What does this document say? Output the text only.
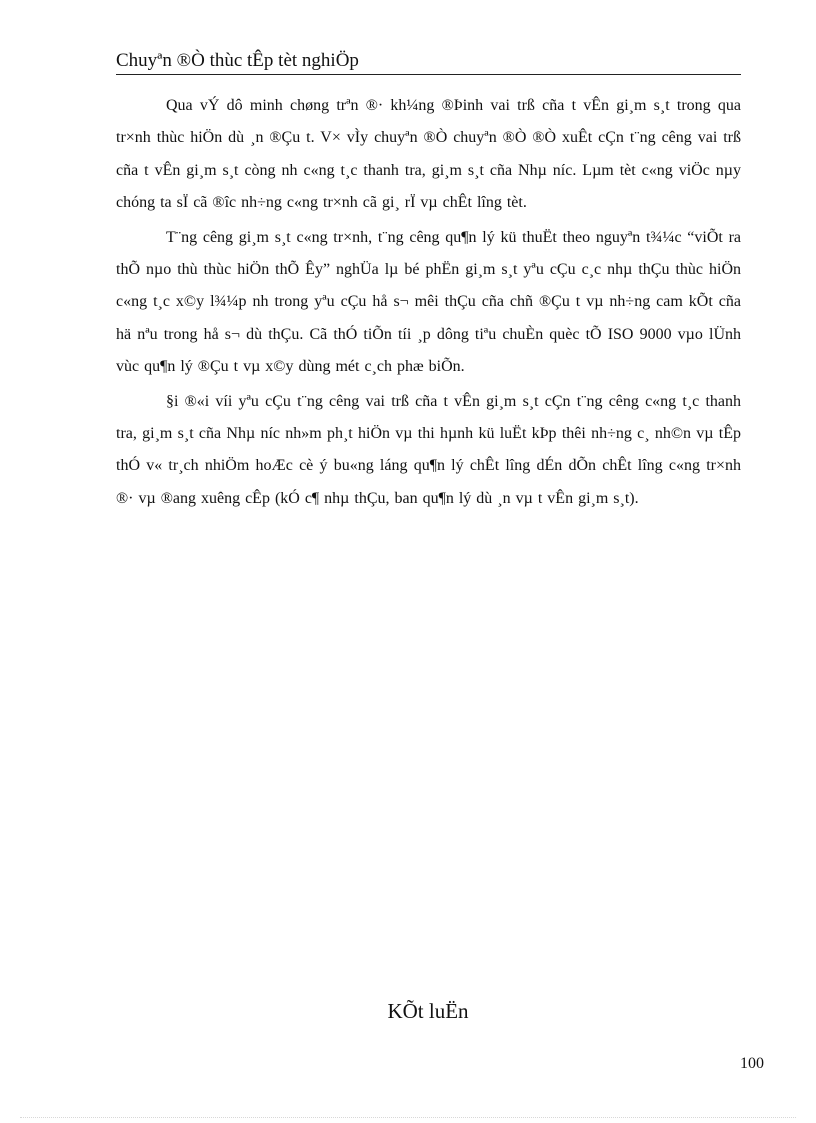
Chuyªn ®Ò thùc tÊp tèt nghiÖp

Qua vÝ dô minh chøng trªn ®· kh¼ng ®Þinh vai trß cña t vÊn gi¸m s¸t trong qua tr×nh thùc hiÖn dù ¸n ®Çu t. V× vÌy chuyªn ®Ò chuyªn ®Ò ®Ò xuÊt cÇn t¨ng cêng vai trß cña t vÊn gi¸m s¸t còng nh c«ng t¸c thanh tra, gi¸m s¸t cña Nhµ níc. Lµm tèt c«ng viÖc nµy chóng ta sÏ cã ®îc nh÷ng c«ng tr×nh cã gi¸ rÏ vµ chÊt lîng tèt.

T¨ng cêng gi¸m s¸t c«ng tr×nh, t¨ng cêng qu¶n lý kü thuËt theo nguyªn t¾¼c “viÕt ra thÕ nµo thù thùc hiÖn thÕ Êy” nghÜa lµ bé phËn gi¸m s¸t yªu cÇu c¸c nhµ thÇu thùc hiÖn c«ng t¸c x©y l¾¼p nh trong yªu cÇu hå s¬ mêi thÇu cña chñ ®Çu t vµ nh÷ng cam kÕt cña hä nªu trong hå s¬ dù thÇu. Cã thÓ tiÕn tíi ¸p dông tiªu chuÈn quèc tÕ ISO 9000 vµo lÜnh vùc qu¶n lý ®Çu t vµ x©y dùng mét c¸ch phæ biÕn.

§i ®«i víi yªu cÇu t¨ng cêng vai trß cña t vÊn gi¸m s¸t cÇn t¨ng cêng c«ng t¸c thanh tra, gi¸m s¸t cña Nhµ níc nh»m ph¸t hiÖn vµ thi hµnh kü luËt kÞp thêi nh÷ng c¸ nh©n vµ tÊp thÓ v« tr¸ch nhiÖm hoÆc cè ý bu«ng láng qu¶n lý chÊt lîng dÉn dÕn chÊt lîng c«ng tr×nh ®· vµ ®ang xuêng cÊp (kÓ c¶ nhµ thÇu, ban qu¶n lý dù ¸n vµ t vÊn gi¸m s¸t).

KÕt luËn
100
